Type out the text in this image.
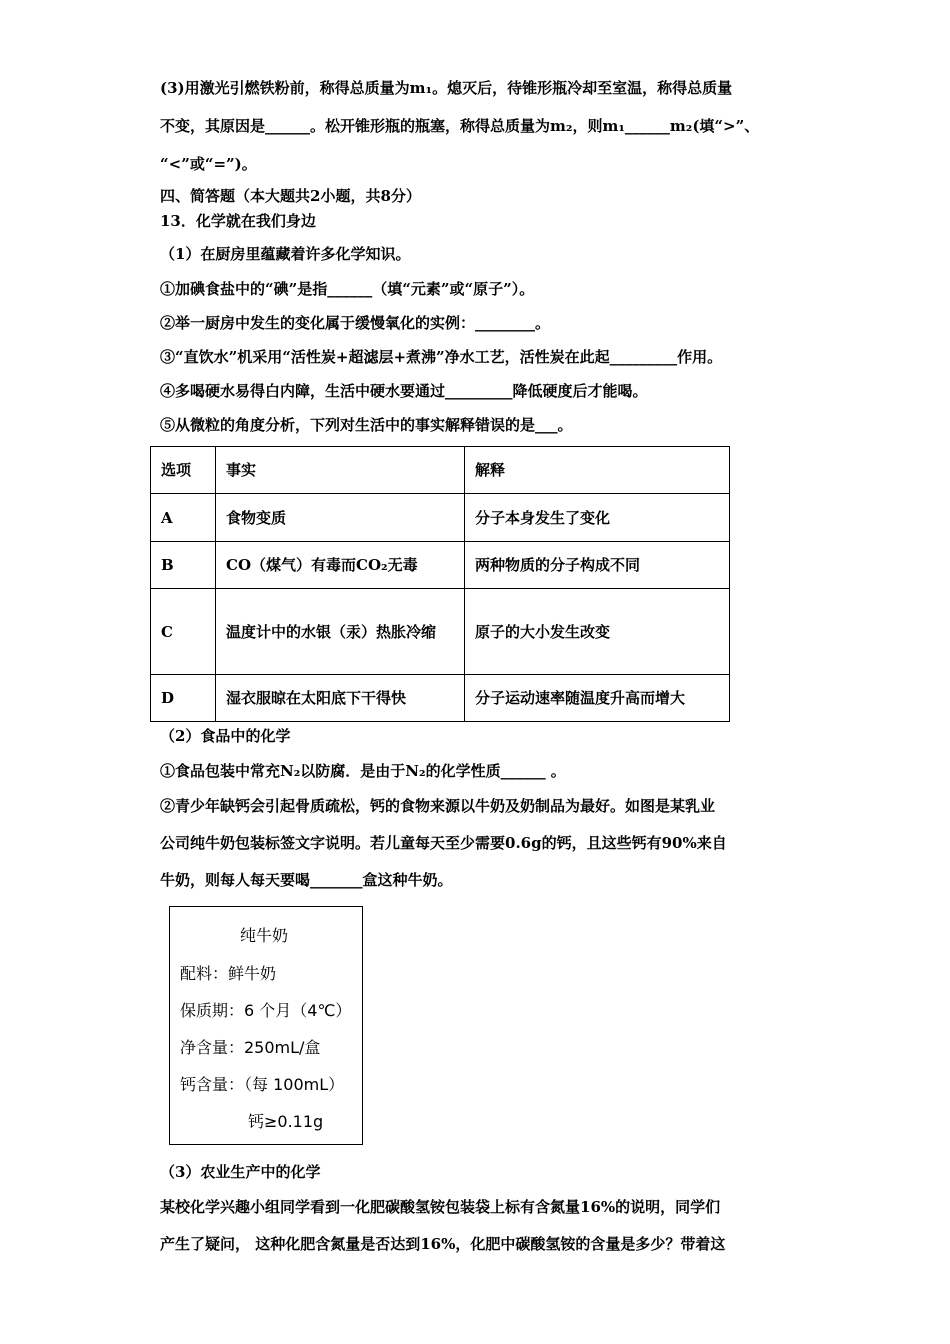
(3)用激光引燃铁粉前，称得总质量为m₁。熄灭后，待锥形瓶冷却至室温，称得总质量
不变，其原因是______。松开锥形瓶的瓶塞，称得总质量为m₂，则m₁______m₂(填“>”、
“<”或“=”)。
四、简答题（本大题共2小题，共8分）
13．化学就在我们身边
（1）在厨房里蕴藏着许多化学知识。
①加碘食盐中的“碘”是指______（填“元素”或“原子”）。
②举一厨房中发生的变化属于缓慢氧化的实例：________。
③“直饮水”机采用“活性炭+超滤层+煮沸”净水工艺，活性炭在此起_________作用。
④多喝硬水易得白内障，生活中硬水要通过_________降低硬度后才能喝。
⑤从微粒的角度分析，下列对生活中的事实解释错误的是___。
选项	事实	解释
A	食物变质	分子本身发生了变化
B	CO（煤气）有毒而CO₂无毒	两种物质的分子构成不同
C	温度计中的水银（汞）热胀冷缩	原子的大小发生改变
D	湿衣服晾在太阳底下干得快	分子运动速率随温度升高而增大
（2）食品中的化学
①食品包装中常充N₂以防腐．是由于N₂的化学性质______ 。
②青少年缺钙会引起骨质疏松，钙的食物来源以牛奶及奶制品为最好。如图是某乳业
公司纯牛奶包装标签文字说明。若儿童每天至少需要0.6g的钙，且这些钙有90%来自
牛奶，则每人每天要喝_______盒这种牛奶。
纯牛奶
配料：鲜牛奶
保质期：6 个月（4℃）
净含量：250mL/盒
钙含量：（每 100mL）
钙≥0.11g
（3）农业生产中的化学
某校化学兴趣小组同学看到一化肥碳酸氢铵包装袋上标有含氮量16%的说明，同学们
产生了疑问， 这种化肥含氮量是否达到16%，化肥中碳酸氢铵的含量是多少？带着这
